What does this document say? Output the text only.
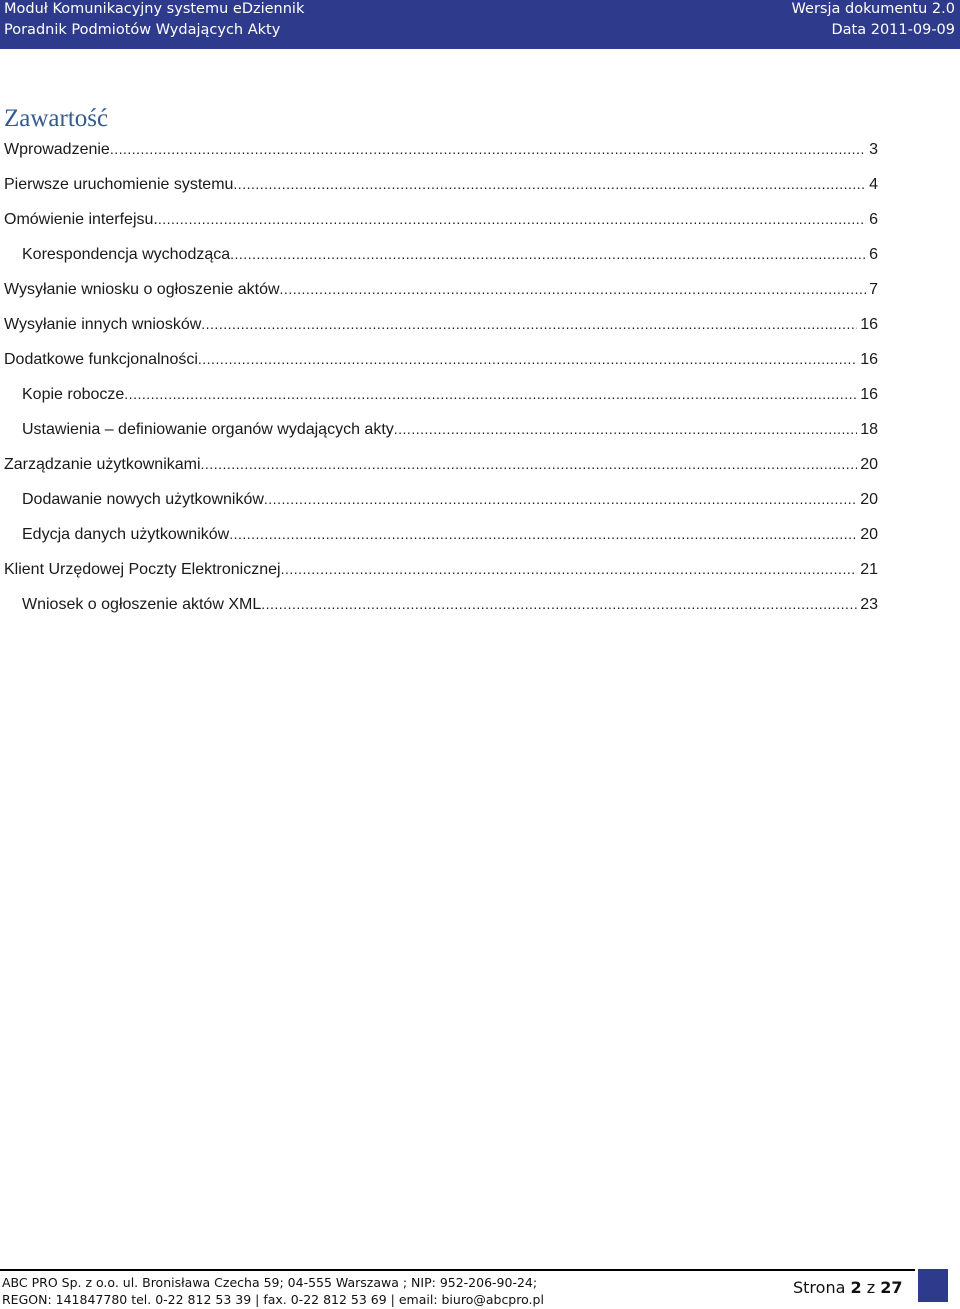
Moduł Komunikacyjny systemu eDziennik
Poradnik Podmiotów Wydających Akty
Wersja dokumentu 2.0
Data 2011-09-09
Zawartość
Wprowadzenie .....	3
Pierwsze uruchomienie systemu .....	4
Omówienie interfejsu. .....	6
Korespondencja wychodząca .....	6
Wysyłanie wniosku o ogłoszenie aktów .....	7
Wysyłanie innych wniosków .....	16
Dodatkowe funkcjonalności .....	16
Kopie robocze .....	16
Ustawienia – definiowanie organów wydających akty .....	18
Zarządzanie użytkownikami .....	20
Dodawanie nowych użytkowników .....	20
Edycja danych użytkowników .....	20
Klient Urzędowej Poczty Elektronicznej .....	21
Wniosek o ogłoszenie aktów XML .....	23
ABC PRO Sp. z o.o. ul. Bronisława Czecha 59; 04-555 Warszawa ; NIP: 952-206-90-24;
REGON: 141847780 tel. 0-22 812 53 39 | fax. 0-22 812 53 69 | email: biuro@abcpro.pl
Strona 2 z 27
